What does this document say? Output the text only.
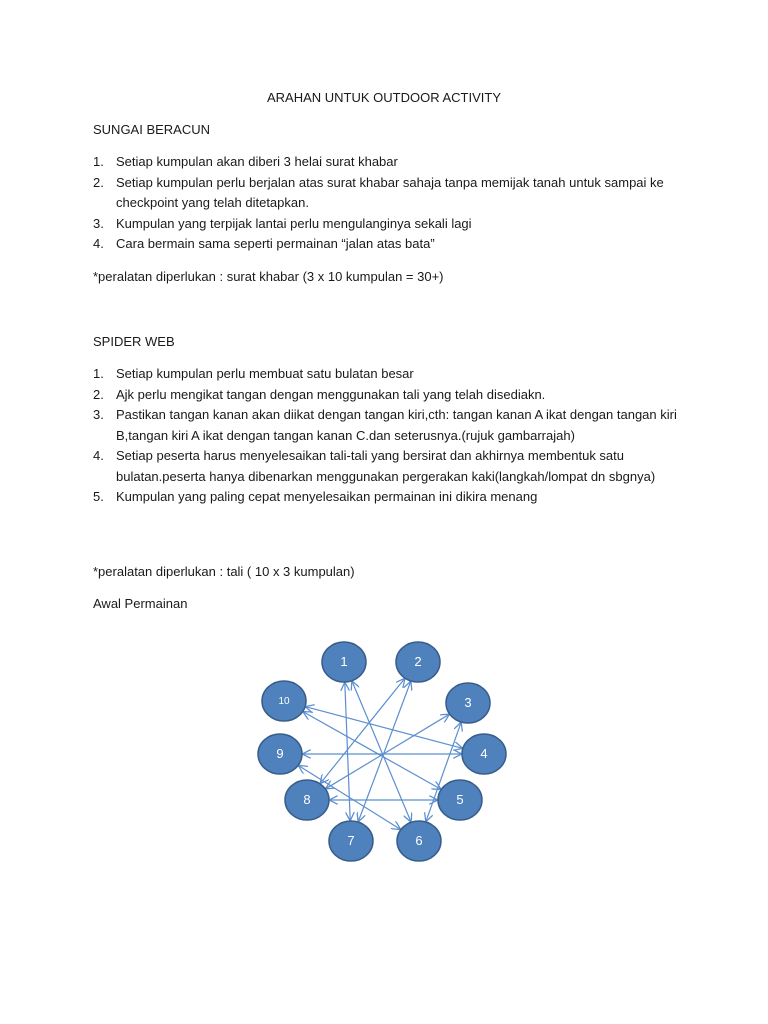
ARAHAN UNTUK OUTDOOR ACTIVITY
SUNGAI BERACUN
1. Setiap kumpulan akan diberi 3 helai surat khabar
2. Setiap kumpulan perlu berjalan atas surat khabar sahaja tanpa memijak tanah untuk sampai ke checkpoint yang telah ditetapkan.
3. Kumpulan yang terpijak lantai perlu mengulanginya sekali lagi
4. Cara bermain sama seperti permainan “jalan atas bata”
*peralatan diperlukan : surat khabar (3 x 10 kumpulan = 30+)
SPIDER WEB
1. Setiap kumpulan perlu membuat satu bulatan besar
2. Ajk perlu mengikat tangan dengan menggunakan tali yang telah disediakn.
3. Pastikan tangan kanan akan diikat dengan tangan kiri,cth: tangan kanan A ikat dengan tangan kiri B,tangan kiri A ikat dengan tangan kanan C.dan seterusnya.(rujuk gambarrajah)
4. Setiap peserta harus menyelesaikan tali-tali yang bersirat dan akhirnya membentuk satu bulatan.peserta hanya dibenarkan menggunakan pergerakan kaki(langkah/lompat dn sbgnya)
5. Kumpulan yang paling cepat menyelesaikan permainan ini dikira menang
*peralatan diperlukan : tali ( 10 x 3 kumpulan)
Awal Permainan
1	2
3
4
5
6
7
8
9
10
